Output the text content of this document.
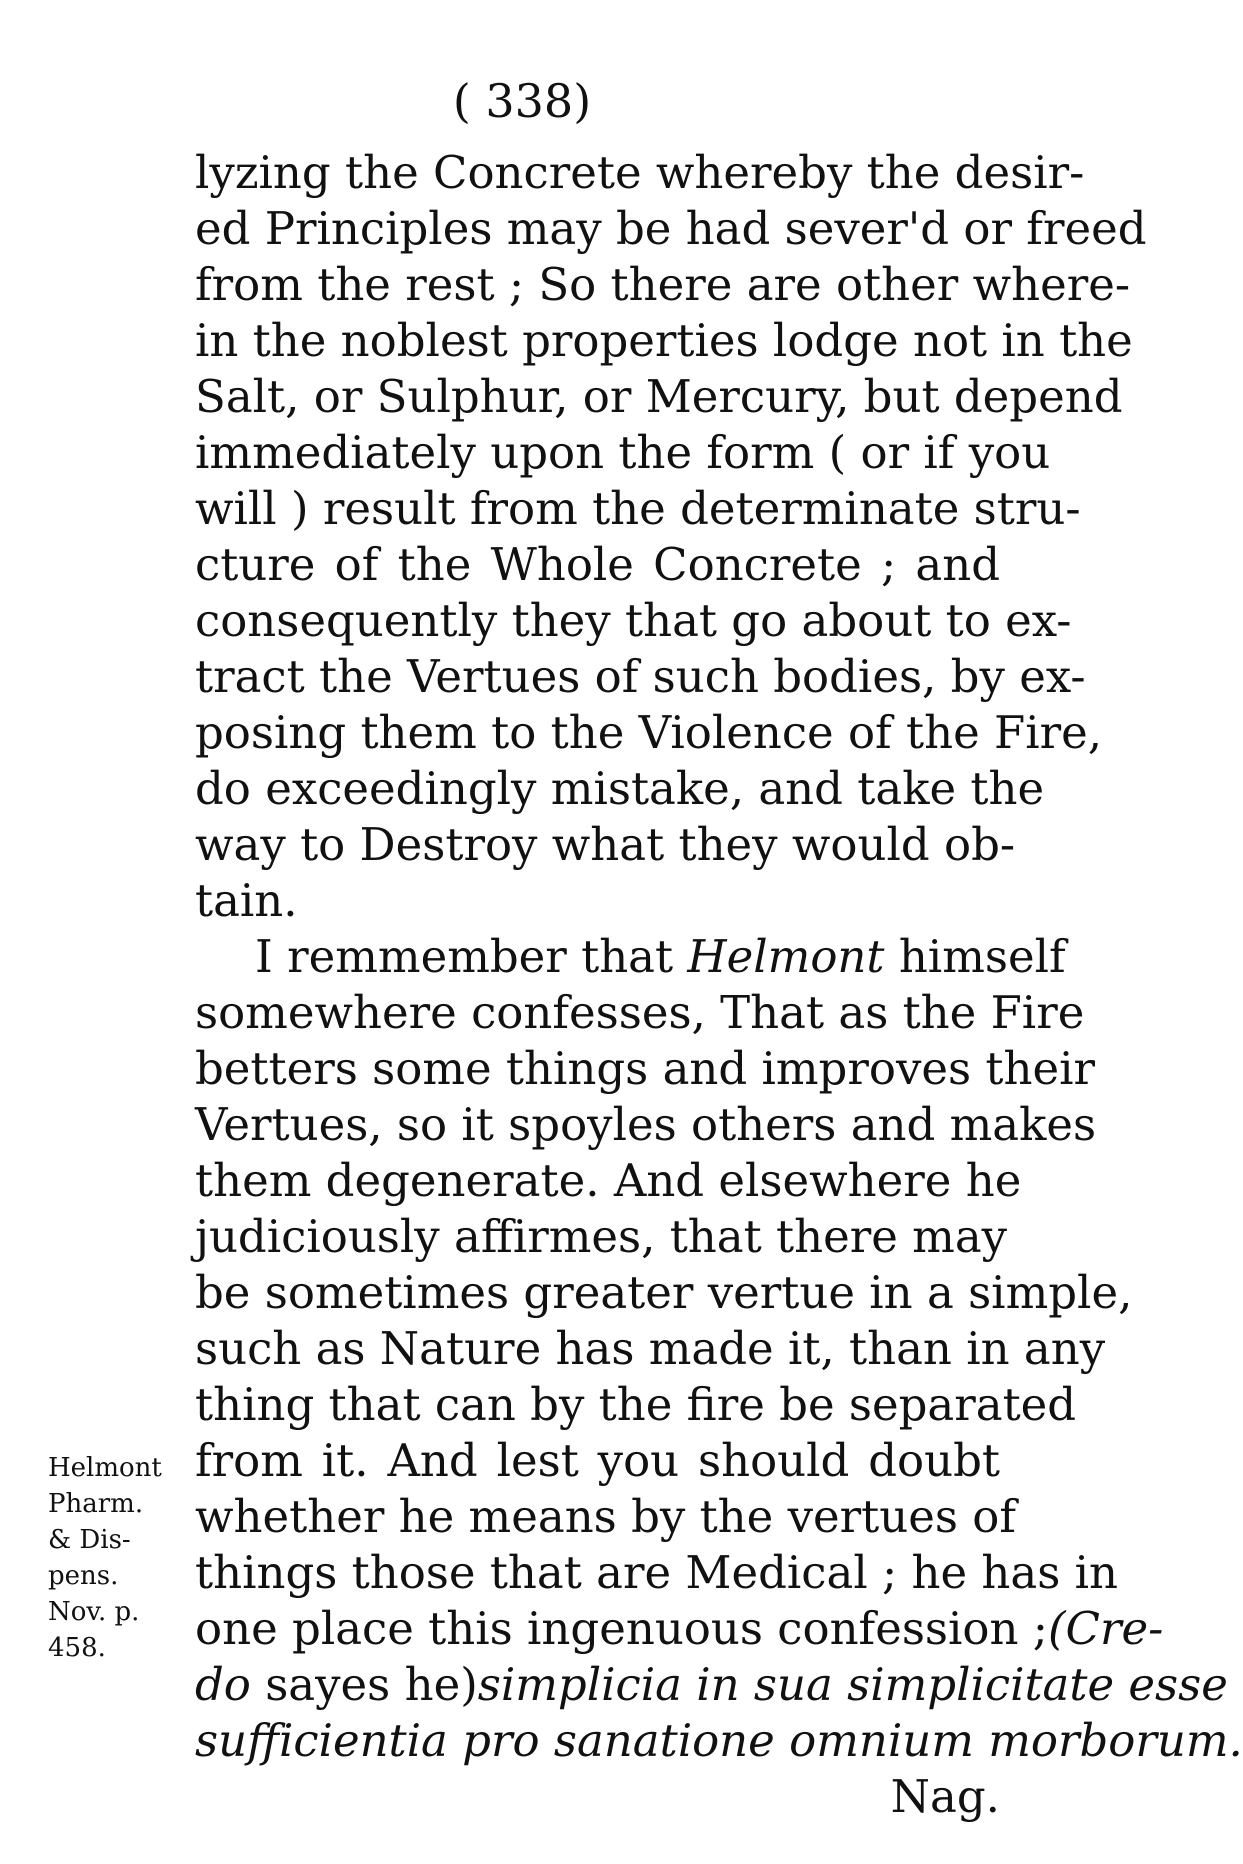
( 338)
lyzing the Concrete whereby the desir-
ed Principles may be had sever'd or freed
from the rest ; So there are other where-
in the noblest properties lodge not in the
Salt, or Sulphur, or Mercury, but depend
immediately upon the form ( or if you
will ) result from the determinate stru-
cture of the Whole Concrete ; and
consequently they that go about to ex-
tract the Vertues of such bodies, by ex-
posing them to the Violence of the Fire,
do exceedingly mistake, and take the
way to Destroy what they would ob-
tain.
I remmember that Helmont himself
somewhere confesses, That as the Fire
betters some things and improves their
Vertues, so it spoyles others and makes
them degenerate. And elsewhere he
judiciously affirmes, that there may
be sometimes greater vertue in a simple,
such as Nature has made it, than in any
thing that can by the fire be separated
from it. And lest you should doubt
whether he means by the vertues of
things those that are Medical ; he has in
one place this ingenuous confession ;(Cre-
do sayes he)simplicia in sua simplicitate esse
sufficientia pro sanatione omnium morborum.
Nag.
Helmont
Pharm.
& Dis-
pens.
Nov. p.
458.
